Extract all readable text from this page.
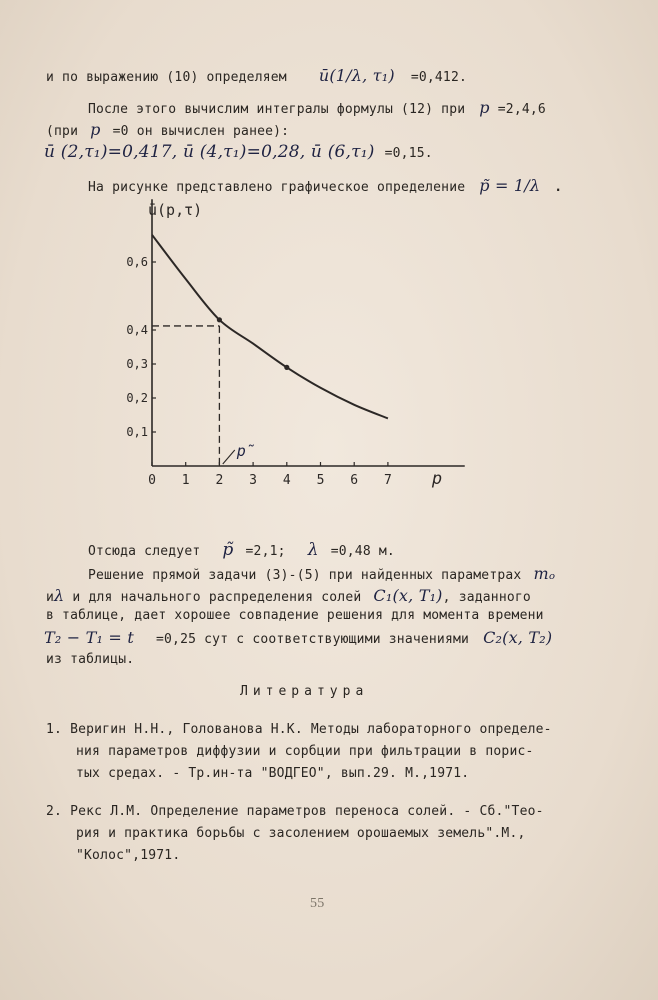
и по выражению (10) определяем ū(1/λ, τ₁) =0,412.
После этого вычислим интегралы формулы (12) при p =2,4,6
(при p =0 он вычислен ранее):
ū (2,τ₁)=0,417, ū (4,τ₁)=0,28, ū (6,τ₁) =0,15.
На рисунке представлено графическое определение p̃ = 1/λ .
0 1 2 3 4 5 6 7 p
0,1
0,2
0,3
0,4
0,6
ū(p,τ)
p̃
Отсюда следует p̃ =2,1; λ =0,48 м.
Решение прямой задачи (3)-(5) при найденных параметрах mₒ
иλ и для начального распределения солей C₁(x, T₁), заданного
в таблице, дает хорошее совпадение решения для момента времени
T₂ − T₁ = t =0,25 сут с соответствующими значениями C₂(x, T₂)
из таблицы.
Литература
1. Веригин Н.Н., Голованова Н.К. Методы лабораторного определе-
ния параметров диффузии и сорбции при фильтрации в порис-
тых средах. - Тр.ин-та "ВОДГЕО", вып.29. М.,1971.
2. Рекс Л.М. Определение параметров переноса солей. - Сб."Тео-
рия и практика борьбы с засолением орошаемых земель".М.,
"Колос",1971.
55
